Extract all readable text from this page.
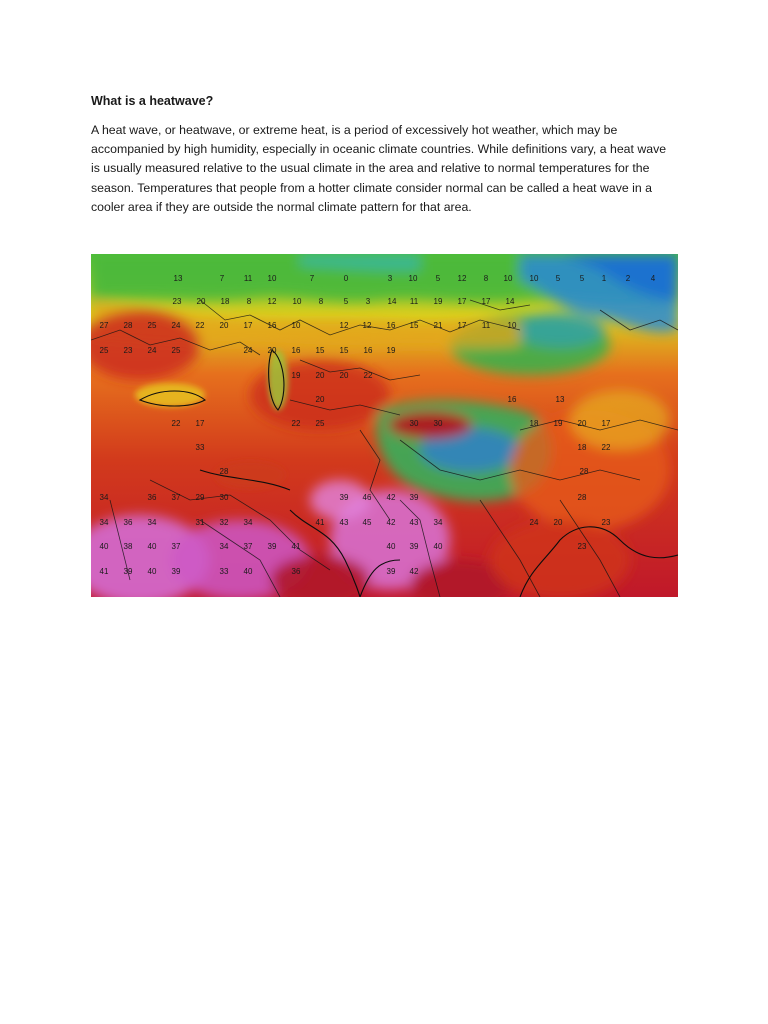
What is a heatwave?

A heat wave, or heatwave, or extreme heat, is a period of excessively hot weather, which may be accompanied by high humidity, especially in oceanic climate countries. While definitions vary, a heat wave is usually measured relative to the usual climate in the area and relative to normal temperatures for the season. Temperatures that people from a hotter climate consider normal can be called a heat wave in a cooler area if they are outside the normal climate pattern for that area.

13	7 11 10	7	0	3 10 5 12 8 10 10 5 5 1 2	4
23 20 18 8 12 10 8	5 3 14 11 19 17 17 14
27 28 25 24 22 20 17 16 10	12 12 16 15 21 17 11 10
25 23 24 25	24 20 16 15 15 16 19
19 20 20 22
20	16	13
22 17	22 25	30 30	18 19 20 17
18 22
33
28	28
34	36 37 29 30	39 46 42 39	28
34 36 34	31 32 34	41 43 45 42 43 34	24 20	23
40 38 40 37	34 37 39 41	40 39 40	23
41 39 40 39	33 40	36	39 42
